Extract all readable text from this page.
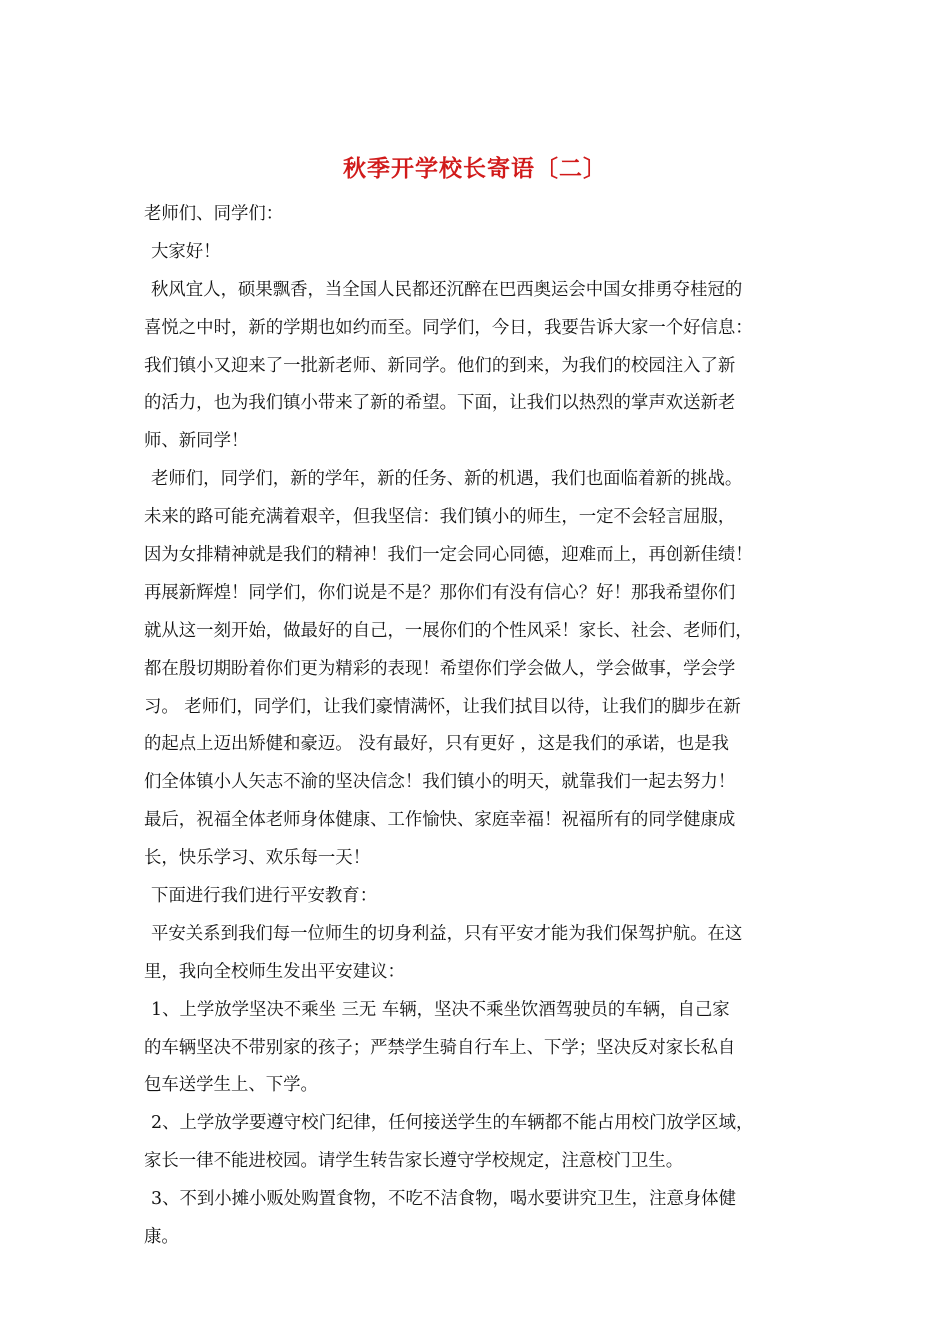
秋季开学校长寄语〔二〕
老师们、同学们：
大家好！
秋风宜人，硕果飘香，当全国人民都还沉醉在巴西奥运会中国女排勇夺桂冠的
喜悦之中时，新的学期也如约而至。同学们，今日，我要告诉大家一个好信息：
我们镇小又迎来了一批新老师、新同学。他们的到来，为我们的校园注入了新
的活力，也为我们镇小带来了新的希望。下面，让我们以热烈的掌声欢送新老
师、新同学！
老师们，同学们，新的学年，新的任务、新的机遇，我们也面临着新的挑战。
未来的路可能充满着艰辛，但我坚信：我们镇小的师生，一定不会轻言屈服，
因为女排精神就是我们的精神！我们一定会同心同德，迎难而上，再创新佳绩！
再展新辉煌！同学们，你们说是不是？那你们有没有信心？好！那我希望你们
就从这一刻开始，做最好的自己，一展你们的个性风采！家长、社会、老师们，
都在殷切期盼着你们更为精彩的表现！希望你们学会做人，学会做事，学会学
习。 老师们，同学们，让我们豪情满怀，让我们拭目以待，让我们的脚步在新
的起点上迈出矫健和豪迈。 没有最好，只有更好 ，这是我们的承诺，也是我
们全体镇小人矢志不渝的坚决信念！我们镇小的明天，就靠我们一起去努力！
最后，祝福全体老师身体健康、工作愉快、家庭幸福！祝福所有的同学健康成
长，快乐学习、欢乐每一天！
下面进行我们进行平安教育：
平安关系到我们每一位师生的切身利益，只有平安才能为我们保驾护航。在这
里，我向全校师生发出平安建议：
1、上学放学坚决不乘坐 三无 车辆，坚决不乘坐饮酒驾驶员的车辆，自己家
的车辆坚决不带别家的孩子；严禁学生骑自行车上、下学；坚决反对家长私自
包车送学生上、下学。
2、上学放学要遵守校门纪律，任何接送学生的车辆都不能占用校门放学区域，
家长一律不能进校园。请学生转告家长遵守学校规定，注意校门卫生。
3、不到小摊小贩处购置食物，不吃不洁食物，喝水要讲究卫生，注意身体健
康。
